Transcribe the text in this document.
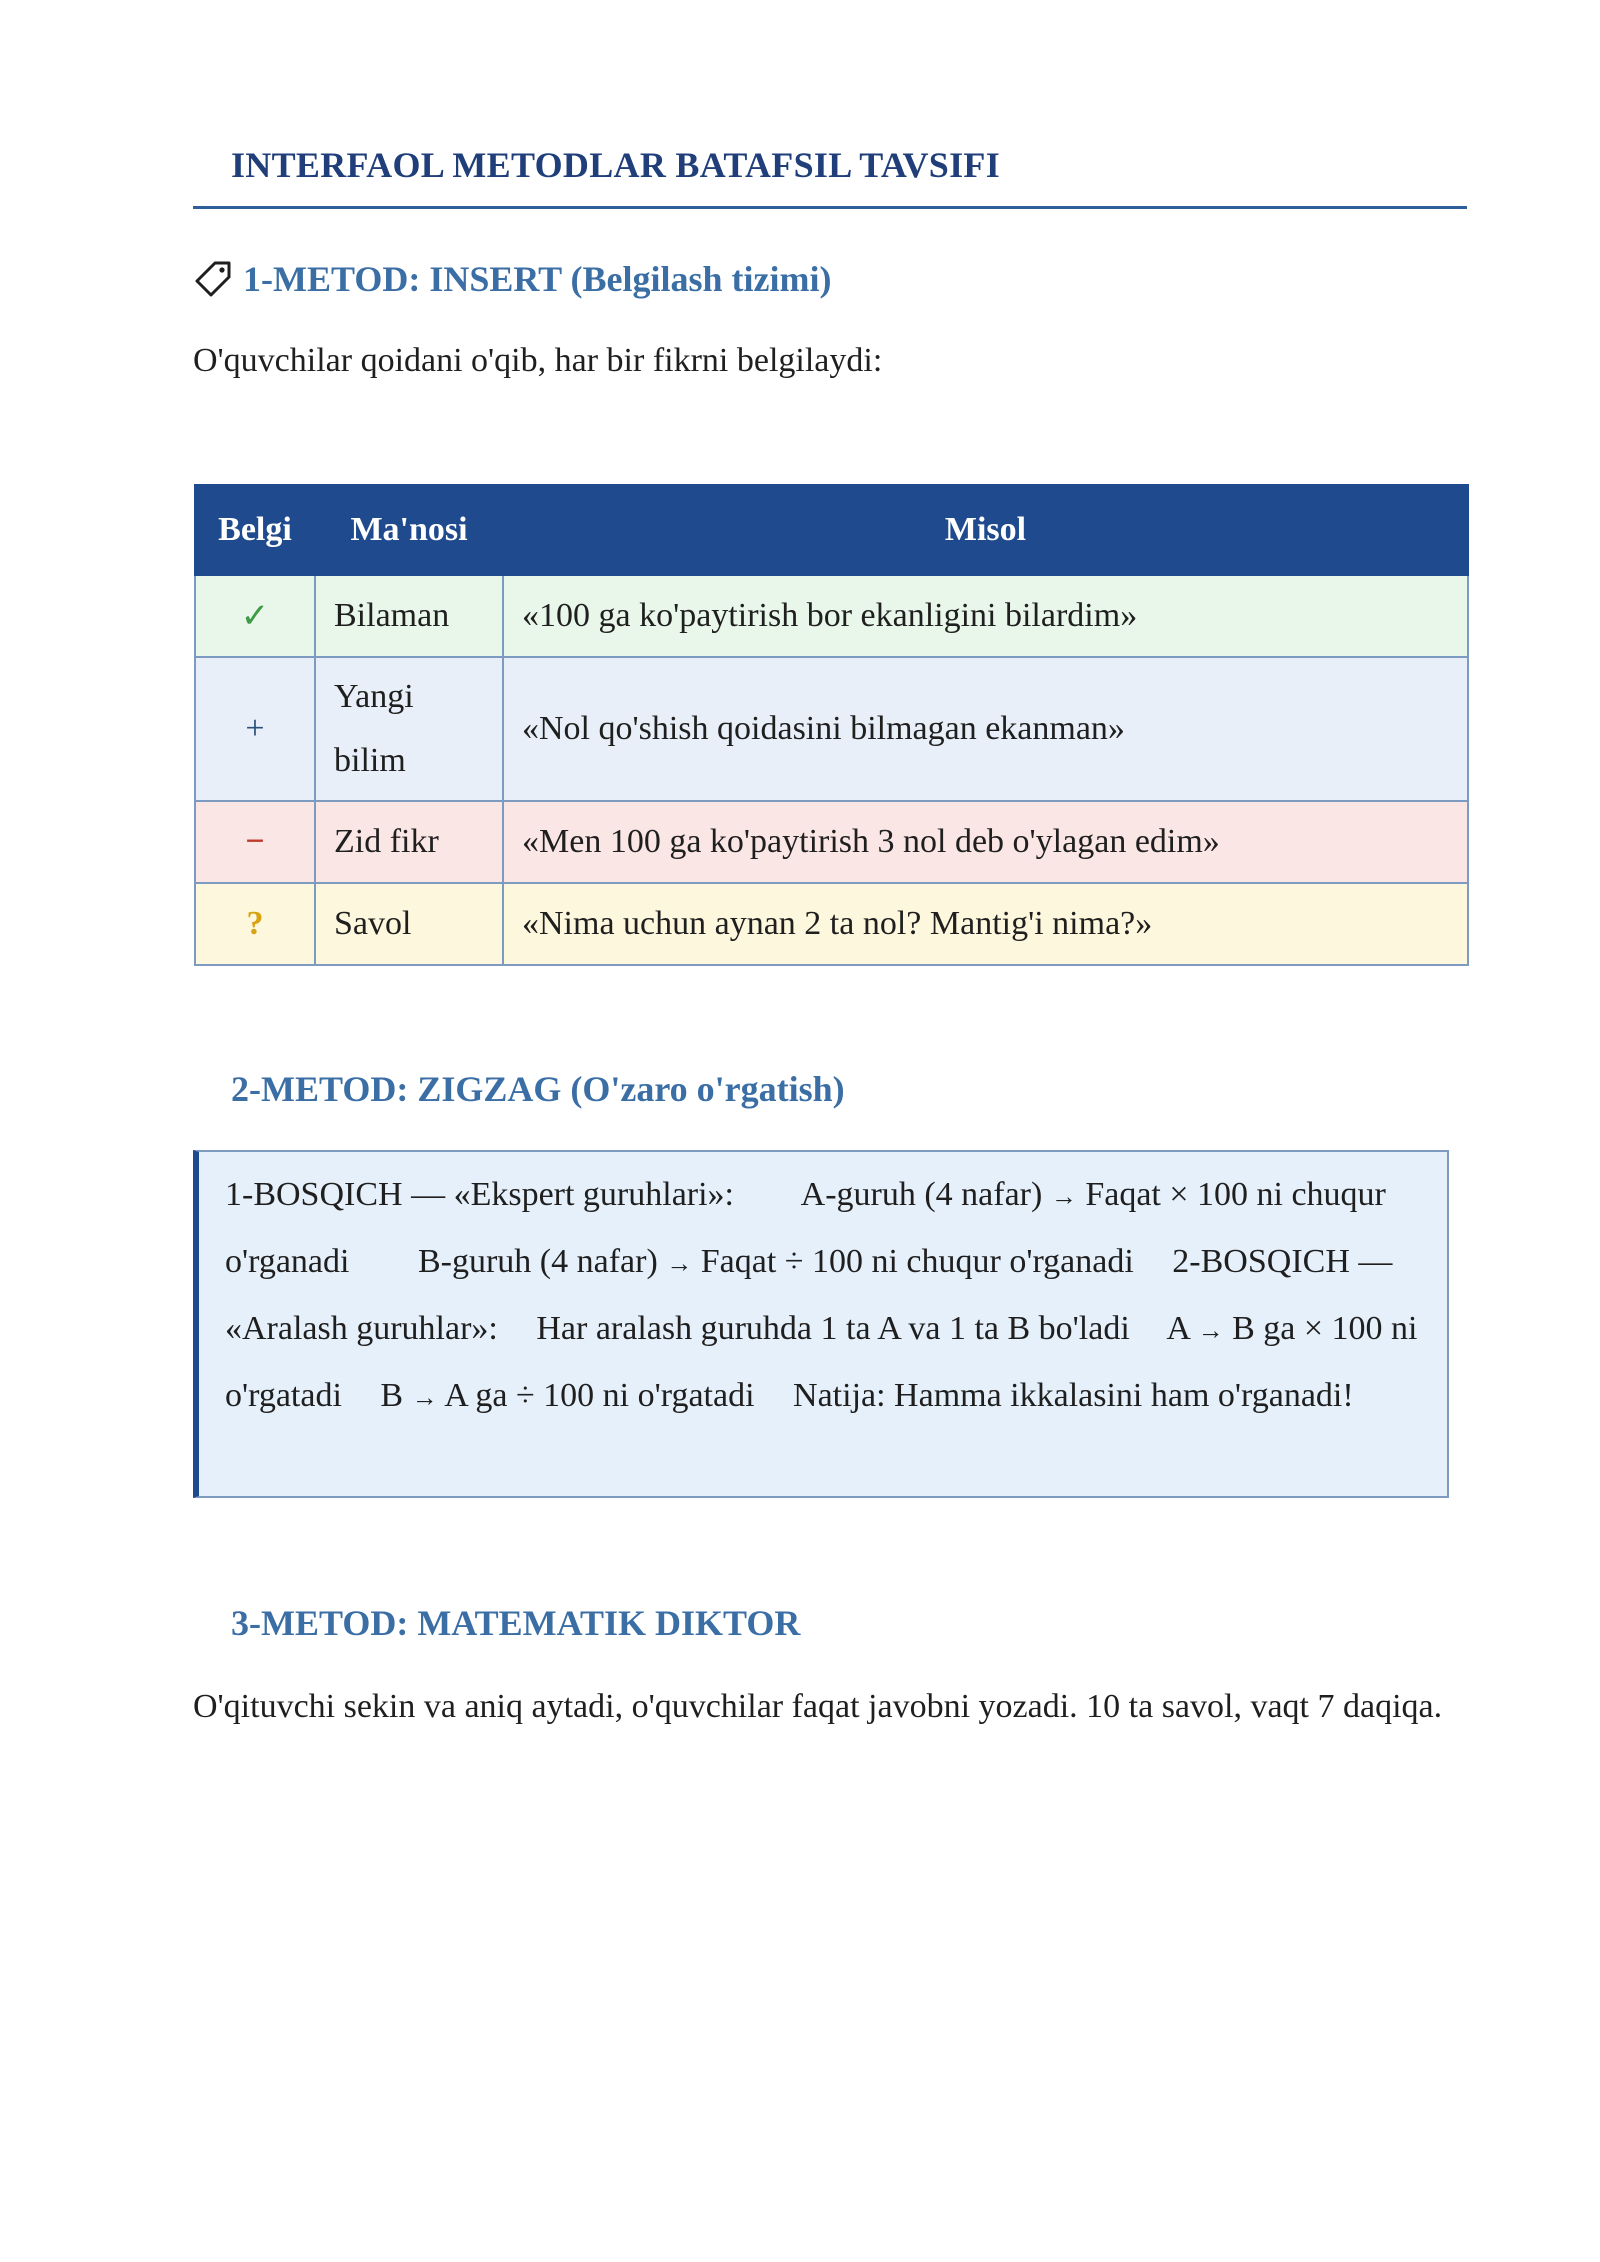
INTERFAOL METODLAR BATAFSIL TAVSIFI
1-METOD: INSERT (Belgilash tizimi)
O'quvchilar qoidani o'qib, har bir fikrni belgilaydi:
Belgi	Ma'nosi	Misol
✓	Bilaman	«100 ga ko'paytirish bor ekanligini bilardim»
+	Yangi bilim	«Nol qo'shish qoidasini bilmagan ekanman»
−	Zid fikr	«Men 100 ga ko'paytirish 3 nol deb o'ylagan edim»
?	Savol	«Nima uchun aynan 2 ta nol? Mantig'i nima?»
2-METOD: ZIGZAG (O'zaro o'rgatish)
1-BOSQICH — «Ekspert guruhlari»: A-guruh (4 nafar) → Faqat × 100 ni chuqur o'rganadi B-guruh (4 nafar) → Faqat ÷ 100 ni chuqur o'rganadi 2-BOSQICH — «Aralash guruhlar»: Har aralash guruhda 1 ta A va 1 ta B bo'ladi A → B ga × 100 ni o'rgatadi B → A ga ÷ 100 ni o'rgatadi Natija: Hamma ikkalasini ham o'rganadi!
3-METOD: MATEMATIK DIKTOR
O'qituvchi sekin va aniq aytadi, o'quvchilar faqat javobni yozadi. 10 ta savol, vaqt 7 daqiqa.
